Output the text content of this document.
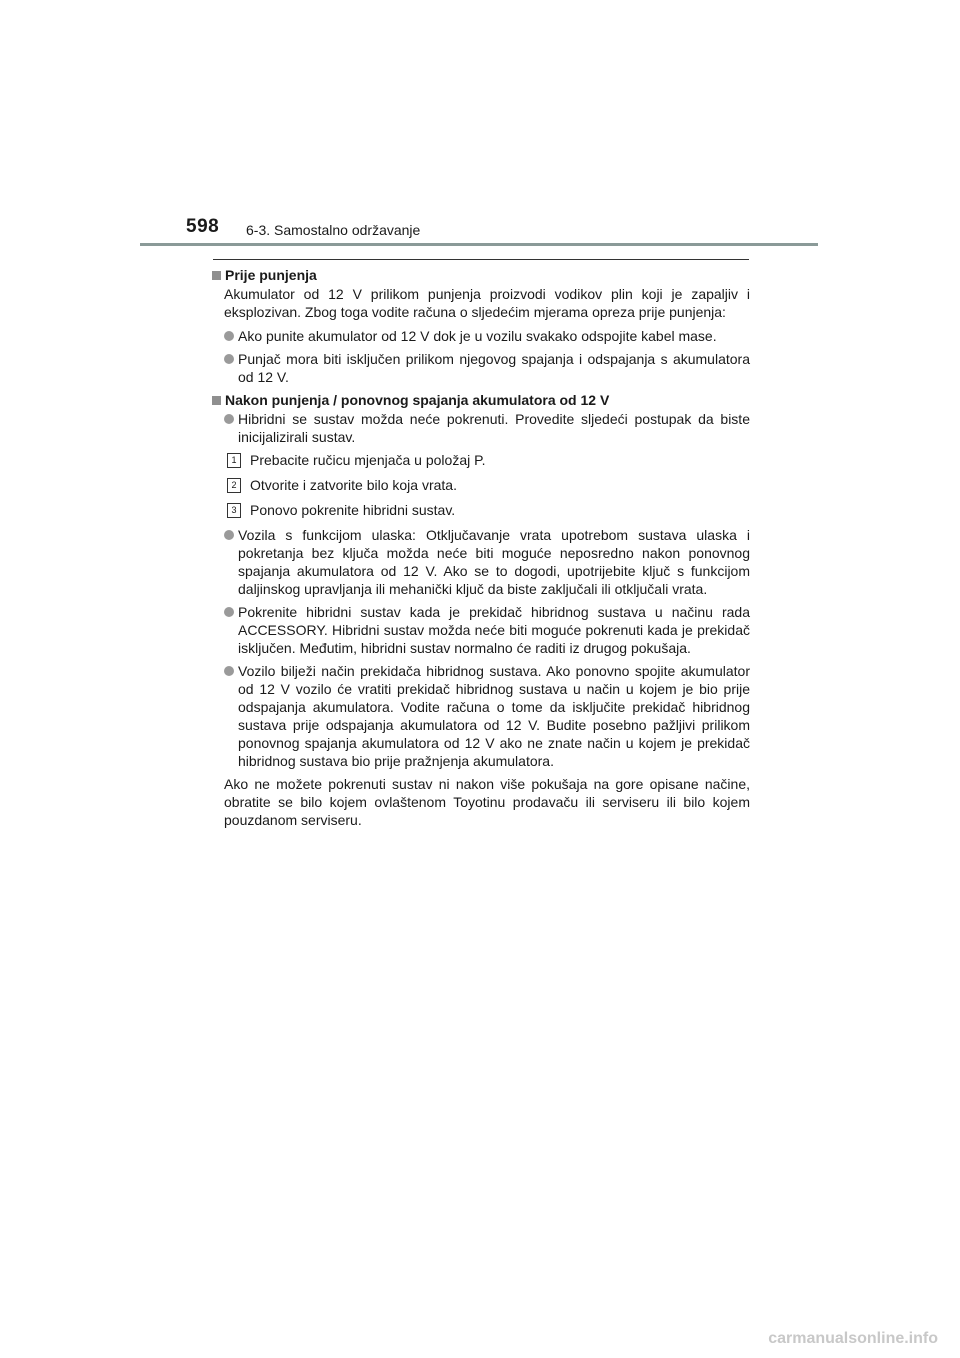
598 6-3. Samostalno održavanje
Prije punjenja
Akumulator od 12 V prilikom punjenja proizvodi vodikov plin koji je zapaljiv i eksplozivan. Zbog toga vodite računa o sljedećim mjerama opreza prije punjenja:
Ako punite akumulator od 12 V dok je u vozilu svakako odspojite kabel mase.
Punjač mora biti isključen prilikom njegovog spajanja i odspajanja s akumulatora od 12 V.
Nakon punjenja / ponovnog spajanja akumulatora od 12 V
Hibridni se sustav možda neće pokrenuti. Provedite sljedeći postupak da biste inicijalizirali sustav.
1 Prebacite ručicu mjenjača u položaj P.
2 Otvorite i zatvorite bilo koja vrata.
3 Ponovo pokrenite hibridni sustav.
Vozila s funkcijom ulaska: Otključavanje vrata upotrebom sustava ulaska i pokretanja bez ključa možda neće biti moguće neposredno nakon ponovnog spajanja akumulatora od 12 V. Ako se to dogodi, upotrijebite ključ s funkcijom daljinskog upravljanja ili mehanički ključ da biste zaključali ili otključali vrata.
Pokrenite hibridni sustav kada je prekidač hibridnog sustava u načinu rada ACCESSORY. Hibridni sustav možda neće biti moguće pokrenuti kada je prekidač isključen. Međutim, hibridni sustav normalno će raditi iz drugog pokušaja.
Vozilo bilježi način prekidača hibridnog sustava. Ako ponovno spojite akumulator od 12 V vozilo će vratiti prekidač hibridnog sustava u način u kojem je bio prije odspajanja akumulatora. Vodite računa o tome da isključite prekidač hibridnog sustava prije odspajanja akumulatora od 12 V. Budite posebno pažljivi prilikom ponovnog spajanja akumulatora od 12 V ako ne znate način u kojem je prekidač hibridnog sustava bio prije pražnjenja akumulatora.
Ako ne možete pokrenuti sustav ni nakon više pokušaja na gore opisane načine, obratite se bilo kojem ovlaštenom Toyotinu prodavaču ili serviseru ili bilo kojem pouzdanom serviseru.
carmanualsonline.info
